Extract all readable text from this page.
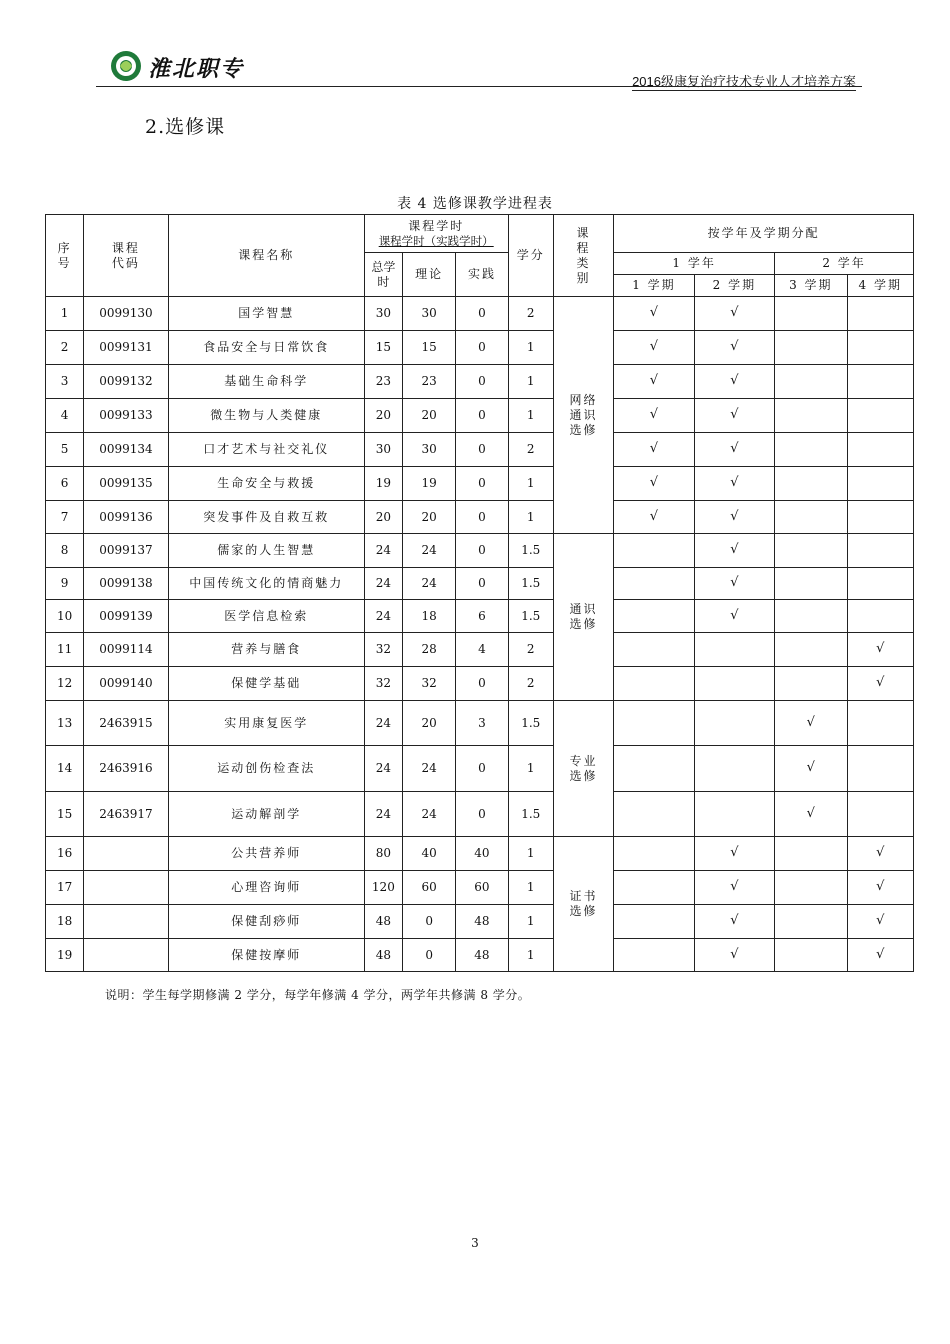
淮北职专	2016级康复治疗技术专业人才培养方案
2.选修课
表 4 选修课教学进程表
序号	课程代码	课程名称	课程学时
课程学时（实践学时）			学分	课程类别	按学年及学期分配			
			总学时	理论	实践			1 学年		2 学年	
								1 学期	2 学期	3 学期	4 学期
1	0099130	国学智慧	30	30	0	2	网络通识选修	√	√		
2	0099131	食品安全与日常饮食	15	15	0	1		√	√		
3	0099132	基础生命科学	23	23	0	1		√	√		
4	0099133	微生物与人类健康	20	20	0	1		√	√		
5	0099134	口才艺术与社交礼仪	30	30	0	2		√	√		
6	0099135	生命安全与救援	19	19	0	1		√	√		
7	0099136	突发事件及自救互救	20	20	0	1		√	√		
8	0099137	儒家的人生智慧	24	24	0	1.5	通识选修		√		
9	0099138	中国传统文化的情商魅力	24	24	0	1.5			√		
10	0099139	医学信息检索	24	18	6	1.5			√		
11	0099114	营养与膳食	32	28	4	2					√
12	0099140	保健学基础	32	32	0	2					√
13	2463915	实用康复医学	24	20	3	1.5	专业选修			√	
14	2463916	运动创伤检查法	24	24	0	1				√	
15	2463917	运动解剖学	24	24	0	1.5				√	
16		公共营养师	80	40	40	1	证书选修		√		√
17		心理咨询师	120	60	60	1			√		√
18		保健刮痧师	48	0	48	1			√		√
19		保健按摩师	48	0	48	1			√		√
说明：学生每学期修满 2 学分，每学年修满 4 学分，两学年共修满 8 学分。
3
